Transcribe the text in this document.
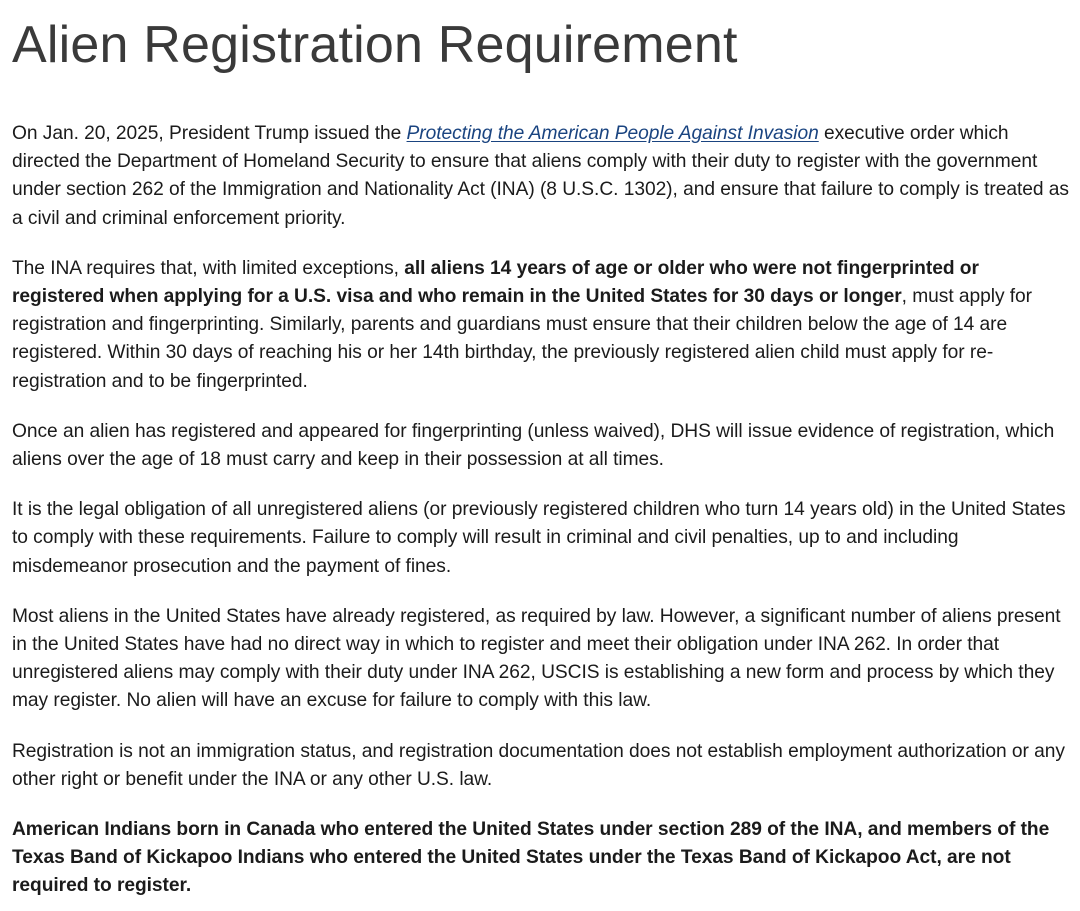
Alien Registration Requirement

On Jan. 20, 2025, President Trump issued the Protecting the American People Against Invasion executive order which directed the Department of Homeland Security to ensure that aliens comply with their duty to register with the government under section 262 of the Immigration and Nationality Act (INA) (8 U.S.C. 1302), and ensure that failure to comply is treated as a civil and criminal enforcement priority.

The INA requires that, with limited exceptions, all aliens 14 years of age or older who were not fingerprinted or registered when applying for a U.S. visa and who remain in the United States for 30 days or longer, must apply for registration and fingerprinting. Similarly, parents and guardians must ensure that their children below the age of 14 are registered. Within 30 days of reaching his or her 14th birthday, the previously registered alien child must apply for re-registration and to be fingerprinted.

Once an alien has registered and appeared for fingerprinting (unless waived), DHS will issue evidence of registration, which aliens over the age of 18 must carry and keep in their possession at all times.

It is the legal obligation of all unregistered aliens (or previously registered children who turn 14 years old) in the United States to comply with these requirements. Failure to comply will result in criminal and civil penalties, up to and including misdemeanor prosecution and the payment of fines.

Most aliens in the United States have already registered, as required by law. However, a significant number of aliens present in the United States have had no direct way in which to register and meet their obligation under INA 262. In order that unregistered aliens may comply with their duty under INA 262, USCIS is establishing a new form and process by which they may register. No alien will have an excuse for failure to comply with this law.

Registration is not an immigration status, and registration documentation does not establish employment authorization or any other right or benefit under the INA or any other U.S. law.

American Indians born in Canada who entered the United States under section 289 of the INA, and members of the Texas Band of Kickapoo Indians who entered the United States under the Texas Band of Kickapoo Act, are not required to register.
